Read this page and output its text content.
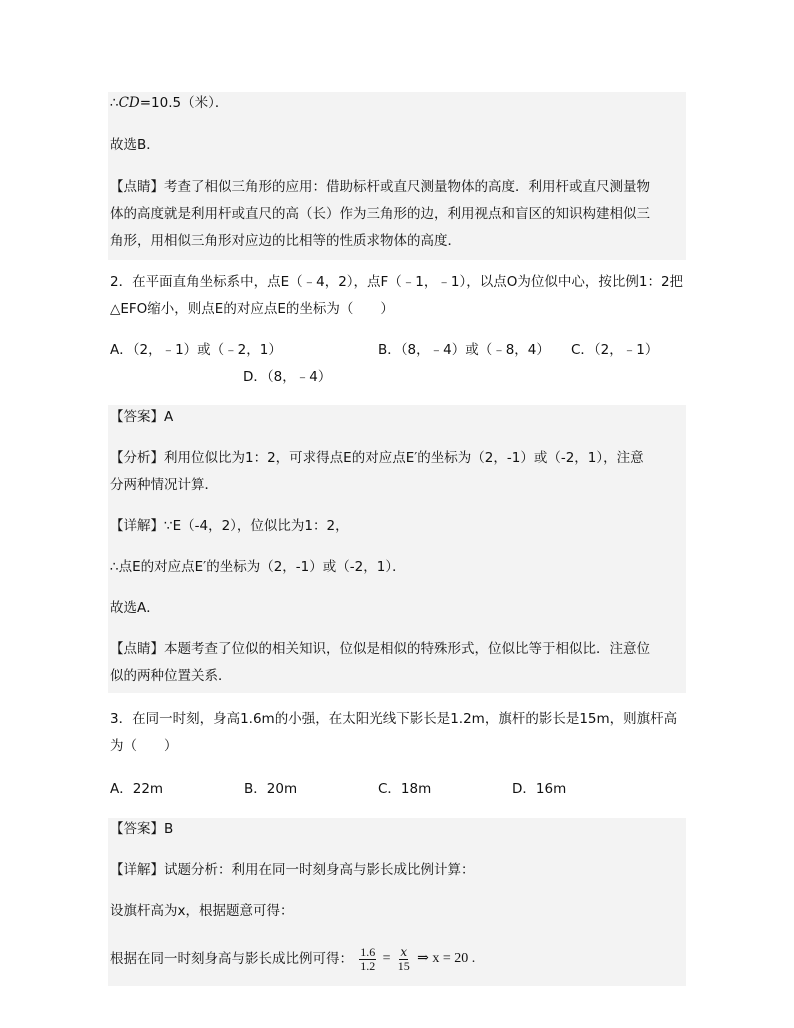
∴CD=10.5（米）．
故选B．
【点睛】考查了相似三角形的应用：借助标杆或直尺测量物体的高度．利用杆或直尺测量物
体的高度就是利用杆或直尺的高（长）作为三角形的边，利用视点和盲区的知识构建相似三
角形，用相似三角形对应边的比相等的性质求物体的高度．
2．在平面直角坐标系中，点E（﹣4，2），点F（﹣1，﹣1），以点O为位似中心，按比例1：2把
△EFO缩小，则点E的对应点E的坐标为（　　）
A．（2，﹣1）或（﹣2，1）	B．（8，﹣4）或（﹣8，4） C．（2，﹣1）
D．（8，﹣4）
【答案】A
【分析】利用位似比为1：2，可求得点E的对应点E′的坐标为（2，-1）或（-2，1），注意
分两种情况计算．
【详解】∵E（-4，2），位似比为1：2，
∴点E的对应点E′的坐标为（2，-1）或（-2，1）．
故选A．
【点睛】本题考查了位似的相关知识，位似是相似的特殊形式，位似比等于相似比．注意位
似的两种位置关系．
3．在同一时刻，身高1.6m的小强，在太阳光线下影长是1.2m，旗杆的影长是15m，则旗杆高
为（　　）
A．22m	B．20m	C．18m	D．16m
【答案】B
【详解】试题分析：利用在同一时刻身高与影长成比例计算：
设旗杆高为x，根据题意可得：
根据在同一时刻身高与影长成比例可得： $\frac{1.6}{1.2} = \frac{x}{15}$ ⇒ x = 20 .
